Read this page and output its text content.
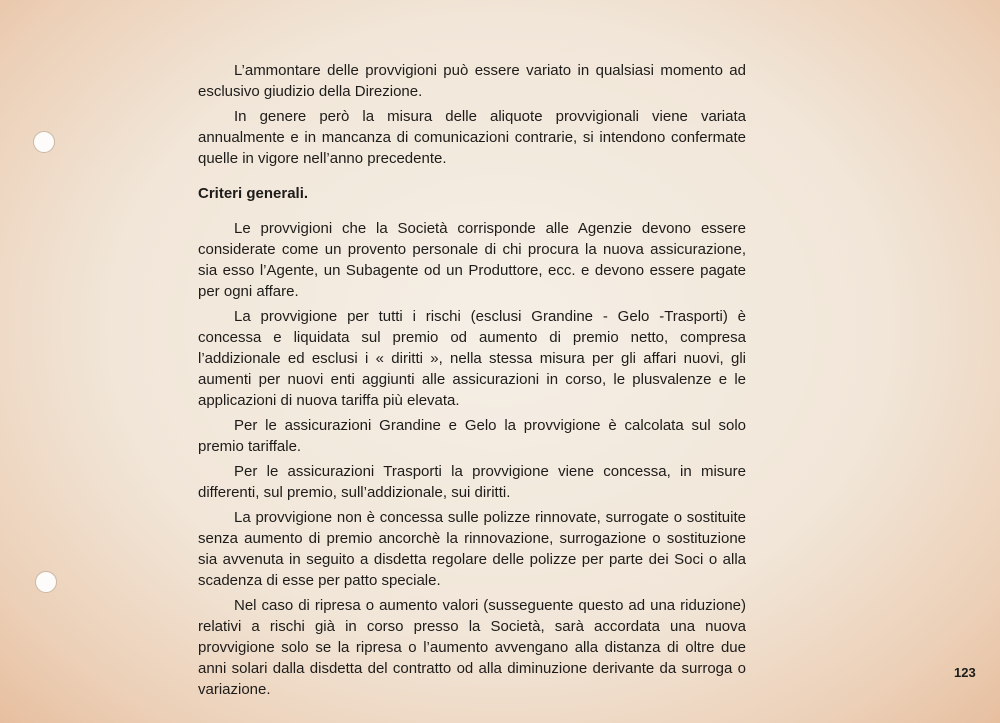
L’ammontare delle provvigioni può essere variato in qualsiasi momento ad esclusivo giudizio della Direzione.

In genere però la misura delle aliquote provvigionali viene variata annualmente e in mancanza di comunicazioni contrarie, si intendono confermate quelle in vigore nell’anno precedente.

Criteri generali.

Le provvigioni che la Società corrisponde alle Agenzie devono essere considerate come un provento personale di chi procura la nuova assicurazione, sia esso l’Agente, un Subagente od un Produttore, ecc. e devono essere pagate per ogni affare.

La provvigione per tutti i rischi (esclusi Grandine - Gelo -Trasporti) è concessa e liquidata sul premio od aumento di premio netto, compresa l’addizionale ed esclusi i « diritti », nella stessa misura per gli affari nuovi, gli aumenti per nuovi enti aggiunti alle assicurazioni in corso, le plusvalenze e le applicazioni di nuova tariffa più elevata.

Per le assicurazioni Grandine e Gelo la provvigione è calcolata sul solo premio tariffale.

Per le assicurazioni Trasporti la provvigione viene concessa, in misure differenti, sul premio, sull’addizionale, sui diritti.

La provvigione non è concessa sulle polizze rinnovate, surrogate o sostituite senza aumento di premio ancorchè la rinnovazione, surrogazione o sostituzione sia avvenuta in seguito a disdetta regolare delle polizze per parte dei Soci o alla scadenza di esse per patto speciale.

Nel caso di ripresa o aumento valori (susseguente questo ad una riduzione) relativi a rischi già in corso presso la Società, sarà accordata una nuova provvigione solo se la ripresa o l’aumento avvengano alla distanza di oltre due anni solari dalla disdetta del contratto od alla diminuzione derivante da surroga o variazione.

123
